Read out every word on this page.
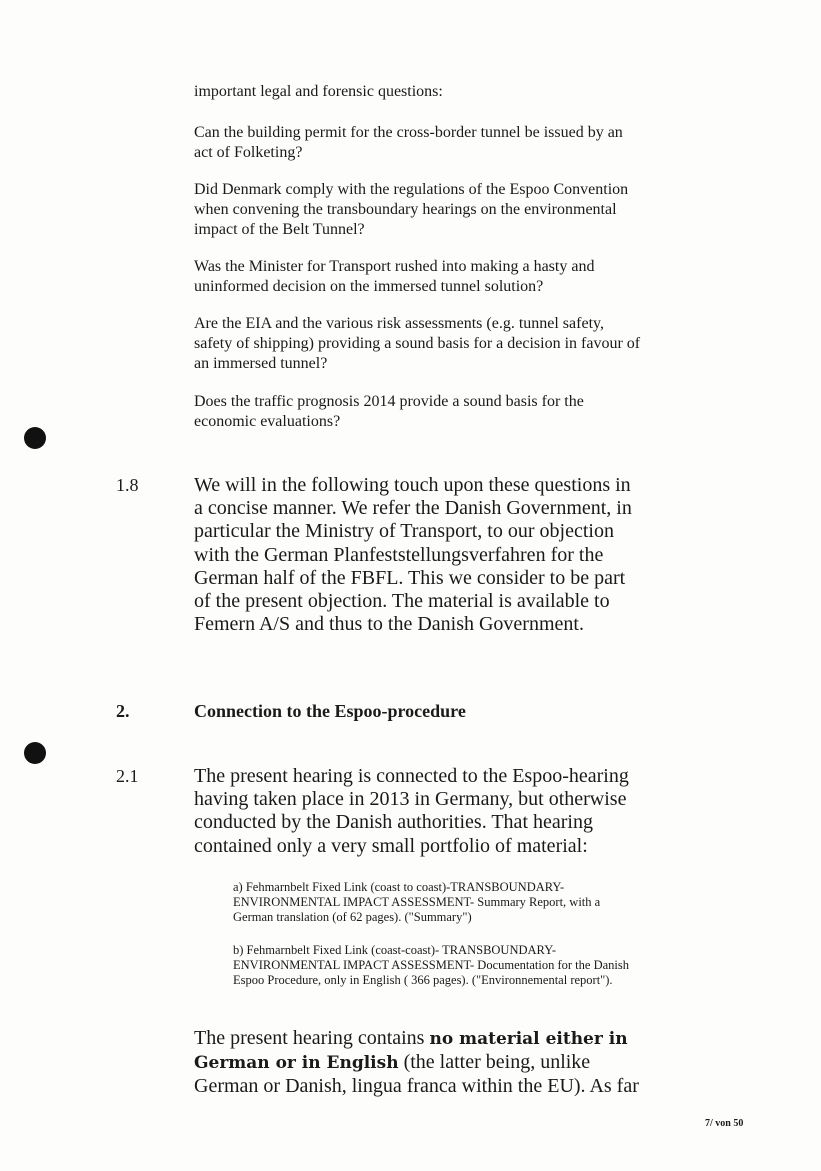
important legal and forensic questions:

Can the building permit for the cross-border tunnel be issued by an act of Folketing?

Did Denmark comply with the regulations of the Espoo Convention when convening the transboundary hearings on the environmental impact of the Belt Tunnel?

Was the Minister for Transport rushed into making a hasty and uninformed decision on the immersed tunnel solution?

Are the EIA and the various risk assessments (e.g. tunnel safety, safety of shipping) providing a sound basis for a decision in favour of an immersed tunnel?

Does the traffic prognosis 2014 provide a sound basis for the economic evaluations?

1.8	We will in the following touch upon these questions in a concise manner. We refer the Danish Government, in particular the Ministry of Transport, to our objection with the German Planfeststellungsverfahren for the German half of the FBFL. This we consider to be part of the present objection. The material is available to Femern A/S and thus to the Danish Government.

2.	Connection to the Espoo-procedure

2.1	The present hearing is connected to the Espoo-hearing having taken place in 2013 in Germany, but otherwise conducted by the Danish authorities. That hearing contained only a very small portfolio of material:

a) Fehmarnbelt Fixed Link (coast to coast)-TRANSBOUNDARY-ENVIRONMENTAL IMPACT ASSESSMENT- Summary Report, with a German translation (of 62 pages). ("Summary")

b) Fehmarnbelt Fixed Link (coast-coast)- TRANSBOUNDARY-ENVIRONMENTAL IMPACT ASSESSMENT- Documentation for the Danish Espoo Procedure, only in English ( 366 pages). ("Environnemental report").

The present hearing contains no material either in German or in English (the latter being, unlike German or Danish, lingua franca within the EU). As far

7/ von 50
